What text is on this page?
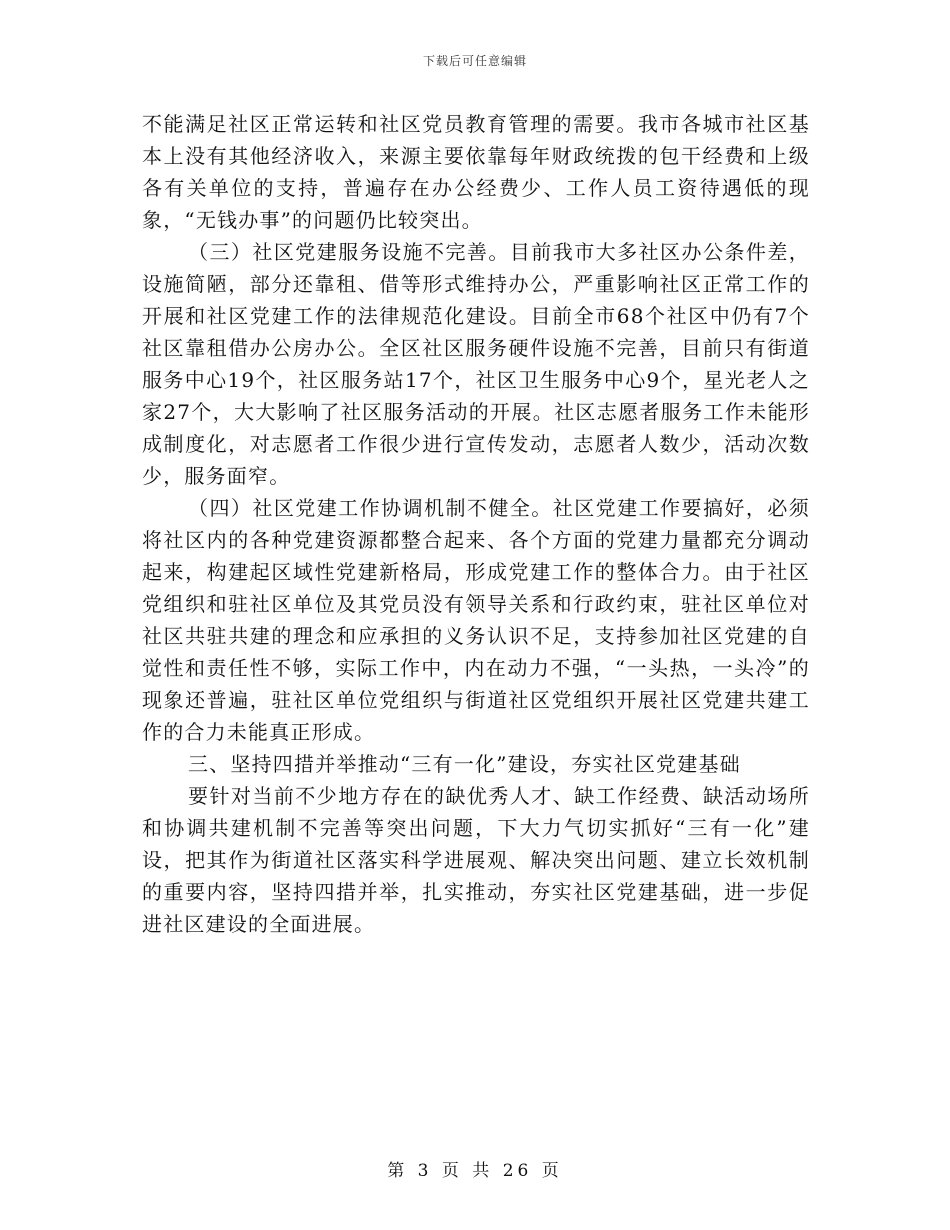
下载后可任意编辑

不能满足社区正常运转和社区党员教育管理的需要。我市各城市社区基本上没有其他经济收入，来源主要依靠每年财政统拨的包干经费和上级各有关单位的支持，普遍存在办公经费少、工作人员工资待遇低的现象，“无钱办事”的问题仍比较突出。

（三）社区党建服务设施不完善。目前我市大多社区办公条件差，设施简陋，部分还靠租、借等形式维持办公，严重影响社区正常工作的开展和社区党建工作的法律规范化建设。目前全市68个社区中仍有7个社区靠租借办公房办公。全区社区服务硬件设施不完善，目前只有街道服务中心19个，社区服务站17个，社区卫生服务中心9个，星光老人之家27个，大大影响了社区服务活动的开展。社区志愿者服务工作未能形成制度化，对志愿者工作很少进行宣传发动，志愿者人数少，活动次数少，服务面窄。

（四）社区党建工作协调机制不健全。社区党建工作要搞好，必须将社区内的各种党建资源都整合起来、各个方面的党建力量都充分调动起来，构建起区域性党建新格局，形成党建工作的整体合力。由于社区党组织和驻社区单位及其党员没有领导关系和行政约束，驻社区单位对社区共驻共建的理念和应承担的义务认识不足，支持参加社区党建的自觉性和责任性不够，实际工作中，内在动力不强，“一头热，一头冷”的现象还普遍，驻社区单位党组织与街道社区党组织开展社区党建共建工作的合力未能真正形成。

三、坚持四措并举推动“三有一化”建设，夯实社区党建基础

要针对当前不少地方存在的缺优秀人才、缺工作经费、缺活动场所和协调共建机制不完善等突出问题，下大力气切实抓好“三有一化”建设，把其作为街道社区落实科学进展观、解决突出问题、建立长效机制的重要内容，坚持四措并举，扎实推动，夯实社区党建基础，进一步促进社区建设的全面进展。

第 3 页 共 26 页
